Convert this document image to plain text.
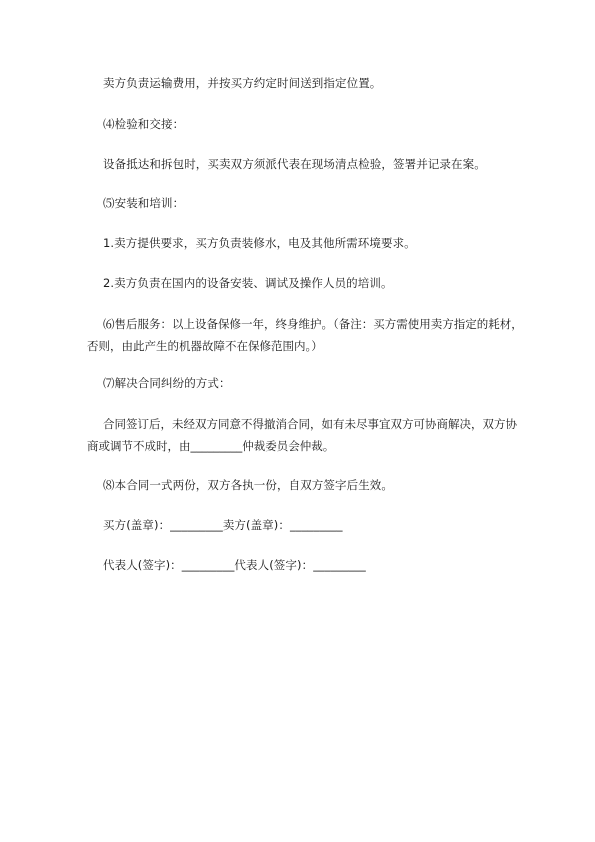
卖方负责运输费用，并按买方约定时间送到指定位置。
⑷检验和交接：
设备抵达和拆包时，买卖双方须派代表在现场清点检验，签署并记录在案。
⑸安装和培训：
1.卖方提供要求，买方负责装修水，电及其他所需环境要求。
2.卖方负责在国内的设备安装、调试及操作人员的培训。
⑹售后服务：以上设备保修一年，终身维护。（备注：买方需使用卖方指定的耗材，否则，由此产生的机器故障不在保修范围内。）
⑺解决合同纠纷的方式：
合同签订后，未经双方同意不得撤消合同，如有未尽事宜双方可协商解决，双方协商或调节不成时，由_________仲裁委员会仲裁。
⑻本合同一式两份，双方各执一份，自双方签字后生效。
买方(盖章)：_________卖方(盖章)：_________
代表人(签字)：_________代表人(签字)：_________
